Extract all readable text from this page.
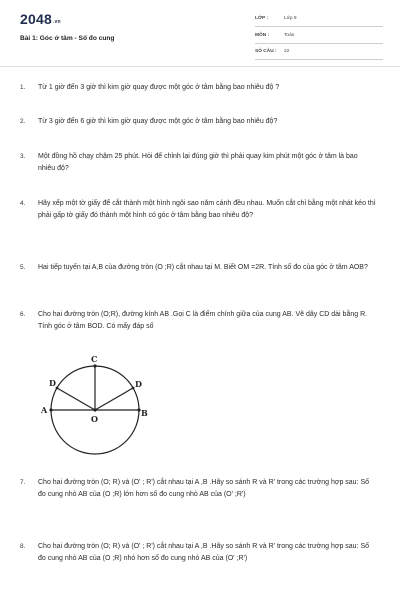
2048.vn
Bài 1: Góc ở tâm - Số đo cung
LỚP :	Lớp 9
MÔN :	Toán
SỐ CÂU : 22
1. Từ 1 giờ đến 3 giờ thì kim giờ quay được một góc ở tâm bằng bao nhiêu độ ?
2. Từ 3 giờ đến 6 giờ thì kim giờ quay được một góc ở tâm bằng bao nhiêu độ?
3. Một đồng hồ chạy chậm 25 phút. Hỏi để chỉnh lại đúng giờ thì phải quay kim phút một góc ở tâm là bao nhiêu độ?
4. Hãy xếp một tờ giấy để cắt thành một hình ngôi sao năm cánh đều nhau. Muốn cắt chỉ bằng một nhát kéo thì phải gấp tờ giấy đó thành một hình có góc ở tâm bằng bao nhiêu độ?
5. Hai tiếp tuyến tại A,B của đường tròn (O ;R) cắt nhau tại M. Biết OM =2R. Tính số đo của góc ở tâm AOB?
6. Cho hai đường tròn (O;R), đường kính AB .Gọi C là điểm chính giữa của cung AB. Vẽ dây CD dài bằng R. Tính góc ở tâm BOD. Có mấy đáp số
C
D	D
A	B
O
7. Cho hai đường tròn (O; R) và (O' ; R') cắt nhau tại A ,B .Hãy so sánh R và R' trong các trường hợp sau: Số đo cung nhỏ AB của (O ;R) lớn hơn số đo cung nhỏ AB của (O' ;R')
8. Cho hai đường tròn (O; R) và (O' ; R') cắt nhau tại A ,B .Hãy so sánh R và R' trong các trường hợp sau: Số đo cung nhỏ AB của (O ;R) nhỏ hơn số đo cung nhỏ AB của (O' ;R')
